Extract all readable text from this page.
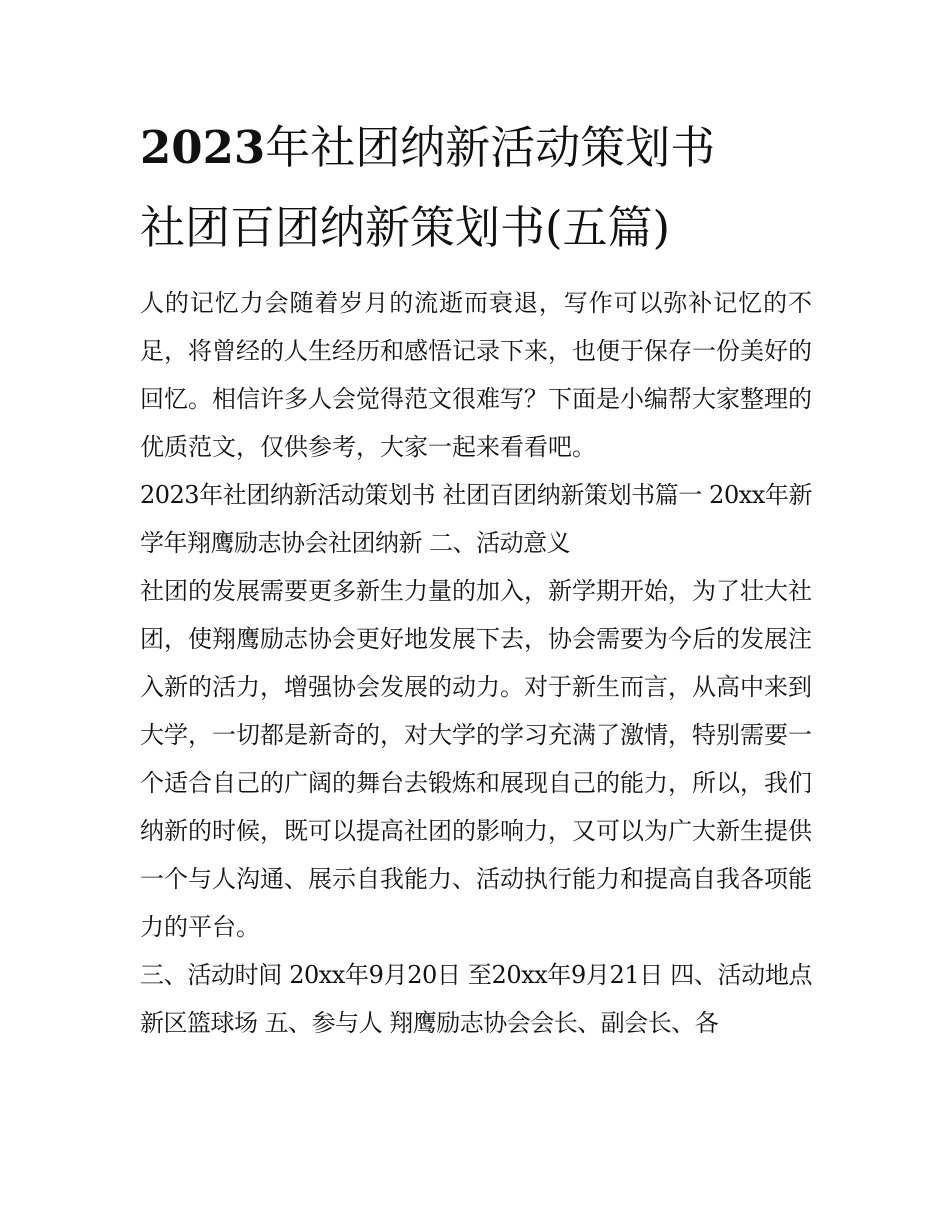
2023年社团纳新活动策划书
社团百团纳新策划书(五篇)

人的记忆力会随着岁月的流逝而衰退，写作可以弥补记忆的不足，将曾经的人生经历和感悟记录下来，也便于保存一份美好的回忆。相信许多人会觉得范文很难写？下面是小编帮大家整理的优质范文，仅供参考，大家一起来看看吧。

2023年社团纳新活动策划书 社团百团纳新策划书篇一 20xx年新学年翔鹰励志协会社团纳新 二、活动意义

社团的发展需要更多新生力量的加入，新学期开始，为了壮大社团，使翔鹰励志协会更好地发展下去，协会需要为今后的发展注入新的活力，增强协会发展的动力。对于新生而言，从高中来到大学，一切都是新奇的，对大学的学习充满了激情，特别需要一个适合自己的广阔的舞台去锻炼和展现自己的能力，所以，我们纳新的时候，既可以提高社团的影响力，又可以为广大新生提供一个与人沟通、展示自我能力、活动执行能力和提高自我各项能力的平台。

三、活动时间 20xx年9月20日 至20xx年9月21日 四、活动地点 新区篮球场 五、参与人 翔鹰励志协会会长、副会长、各
